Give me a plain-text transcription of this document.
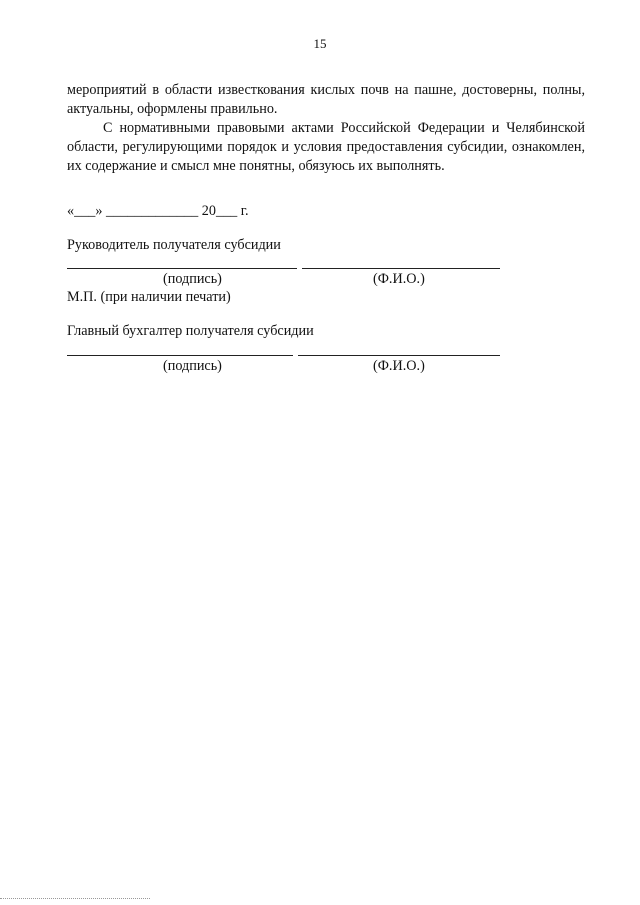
15
мероприятий в области известкования кислых почв на пашне, достоверны, полны, актуальны, оформлены правильно.
С нормативными правовыми актами Российской Федерации и Челябинской области, регулирующими порядок и условия предоставления субсидии, ознакомлен, их содержание и смысл мне понятны, обязуюсь их выполнять.
«___» _____________ 20___ г.
Руководитель получателя субсидии
(подпись)	(Ф.И.О.)
М.П. (при наличии печати)
Главный бухгалтер получателя субсидии
(подпись)	(Ф.И.О.)
